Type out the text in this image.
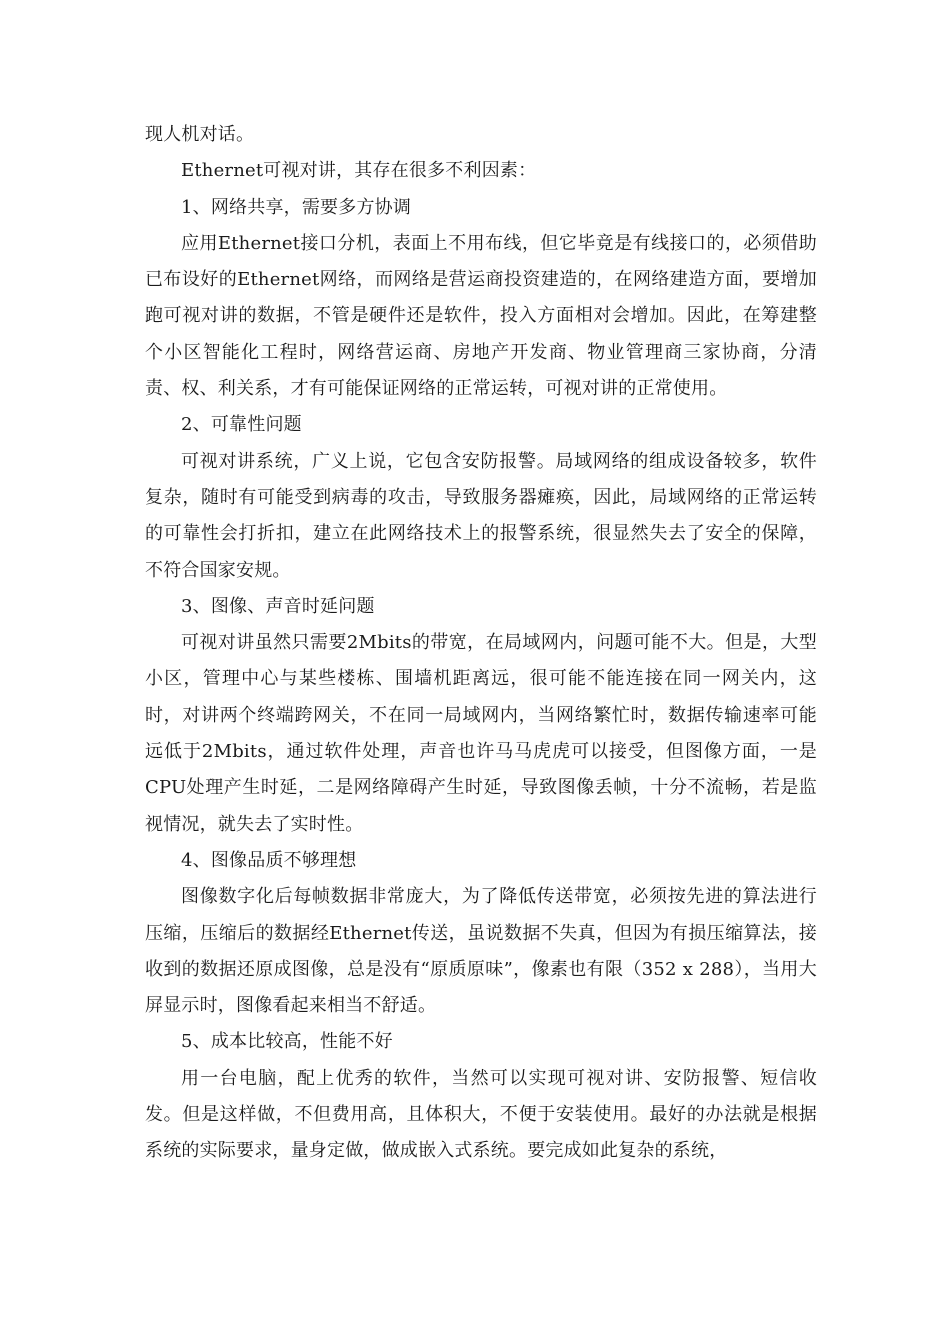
现人机对话。
Ethernet可视对讲，其存在很多不利因素：
1、网络共享，需要多方协调
应用Ethernet接口分机，表面上不用布线，但它毕竟是有线接口的，必须借助已布设好的Ethernet网络，而网络是营运商投资建造的，在网络建造方面，要增加跑可视对讲的数据，不管是硬件还是软件，投入方面相对会增加。因此，在筹建整个小区智能化工程时，网络营运商、房地产开发商、物业管理商三家协商，分清责、权、利关系，才有可能保证网络的正常运转，可视对讲的正常使用。
2、可靠性问题
可视对讲系统，广义上说，它包含安防报警。局域网络的组成设备较多，软件复杂，随时有可能受到病毒的攻击，导致服务器瘫痪，因此，局域网络的正常运转的可靠性会打折扣，建立在此网络技术上的报警系统，很显然失去了安全的保障，不符合国家安规。
3、图像、声音时延问题
可视对讲虽然只需要2Mbits的带宽，在局域网内，问题可能不大。但是，大型小区，管理中心与某些楼栋、围墙机距离远，很可能不能连接在同一网关内，这时，对讲两个终端跨网关，不在同一局域网内，当网络繁忙时，数据传输速率可能远低于2Mbits，通过软件处理，声音也许马马虎虎可以接受，但图像方面，一是CPU处理产生时延，二是网络障碍产生时延，导致图像丢帧，十分不流畅，若是监视情况，就失去了实时性。
4、图像品质不够理想
图像数字化后每帧数据非常庞大，为了降低传送带宽，必须按先进的算法进行压缩，压缩后的数据经Ethernet传送，虽说数据不失真，但因为有损压缩算法，接收到的数据还原成图像，总是没有“原质原味”，像素也有限（352 x 288），当用大屏显示时，图像看起来相当不舒适。
5、成本比较高，性能不好
用一台电脑，配上优秀的软件，当然可以实现可视对讲、安防报警、短信收发。但是这样做，不但费用高，且体积大，不便于安装使用。最好的办法就是根据系统的实际要求，量身定做，做成嵌入式系统。要完成如此复杂的系统，
